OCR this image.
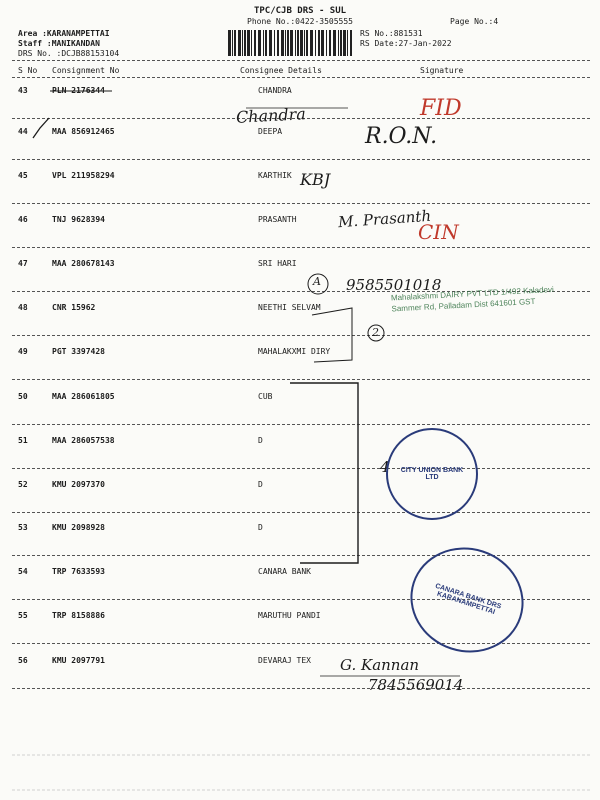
TPC/CJB DRS - SUL
Phone No.:0422-3505555	Page No.:4
Area :KARANAMPETTAI
Staff :MANIKANDAN
DRS No. :DCJB88153104
RS No.:881531
RS Date:27-Jan-2022
S No Consignment No	Consignee Details	Signature
43	PLN 2176344	CHANDRA
44	MAA 856912465	DEEPA
45	VPL 211958294	KARTHIK
46	TNJ 9628394	PRASANTH
47	MAA 280678143	SRI HARI
48	CNR 15962	NEETHI SELVAM
49	PGT 3397428	MAHALAKXMI DIRY
50	MAA 286061805	CUB
51	MAA 286057538	D
52	KMU 2097370	D
53	KMU 2098928	D
54	TRP 7633593	CANARA BANK
55	TRP 8158886	MARUTHU PANDI
56	KMU 2097791	DEVARAJ TEX
Chandra	FID
R.O.N.
KBJ
M. Prasanth
CIN
9585501018
A
2
4
G. Kannan
7845569014
Mahalakshmi DAIRY PVT LTD 1/492 Kaladevi Sammer Rd, Palladam Dist 641601 GST
CITY UNION BANK LTD
CANARA BANK DRS KARANAMPETTAI
